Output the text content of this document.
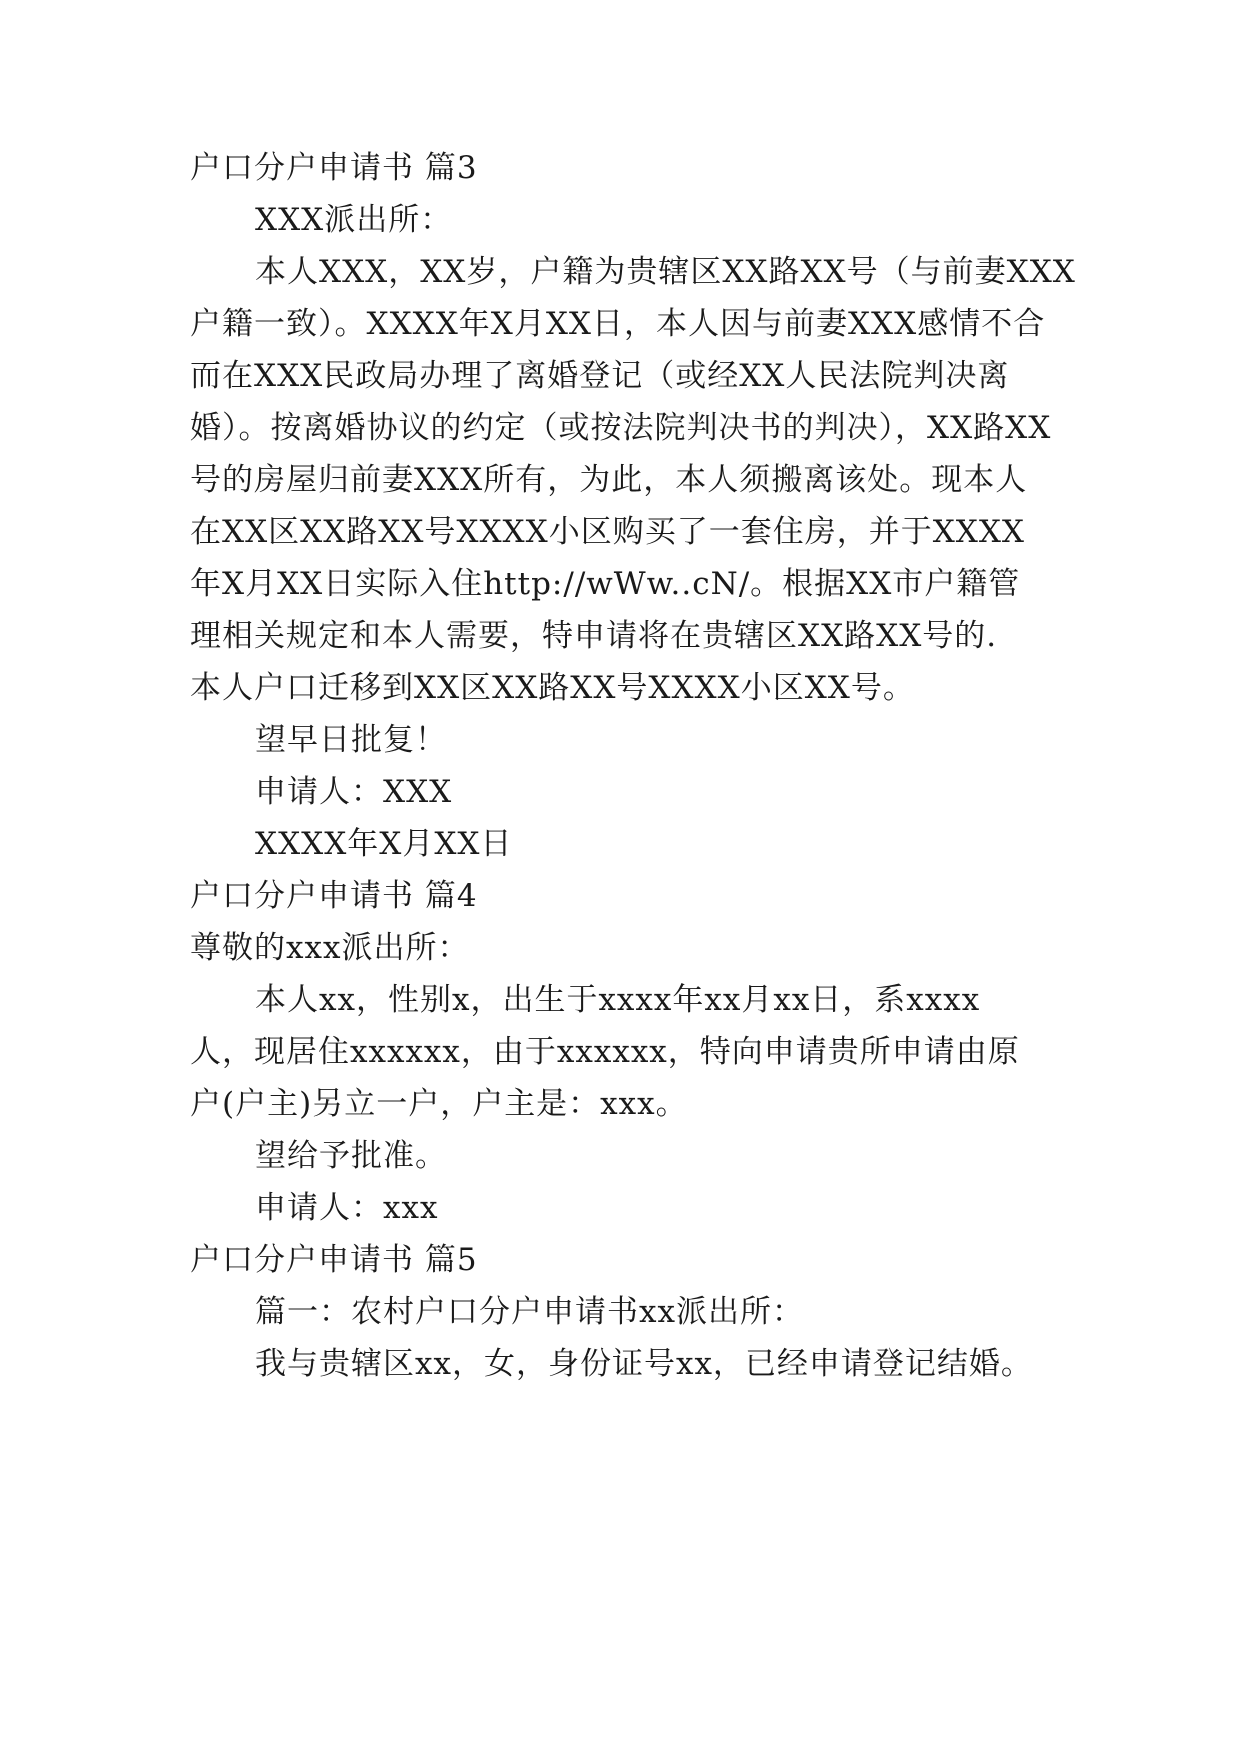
户口分户申请书 篇3
XXX派出所：
本人XXX，XX岁，户籍为贵辖区XX路XX号（与前妻XXX
户籍一致）。XXXX年X月XX日，本人因与前妻XXX感情不合
而在XXX民政局办理了离婚登记（或经XX人民法院判决离
婚）。按离婚协议的约定（或按法院判决书的判决），XX路XX
号的房屋归前妻XXX所有，为此，本人须搬离该处。现本人
在XX区XX路XX号XXXX小区购买了一套住房，并于XXXX
年X月XX日实际入住http://wWw..cN/。根据XX市户籍管
理相关规定和本人需要，特申请将在贵辖区XX路XX号的.
本人户口迁移到XX区XX路XX号XXXX小区XX号。
望早日批复！
申请人：XXX
XXXX年X月XX日
户口分户申请书 篇4
尊敬的xxx派出所：
本人xx，性别x，出生于xxxx年xx月xx日，系xxxx
人，现居住xxxxxx，由于xxxxxx，特向申请贵所申请由原
户(户主)另立一户，户主是：xxx。
望给予批准。
申请人：xxx
户口分户申请书 篇5
篇一：农村户口分户申请书xx派出所：
我与贵辖区xx，女，身份证号xx，已经申请登记结婚。
